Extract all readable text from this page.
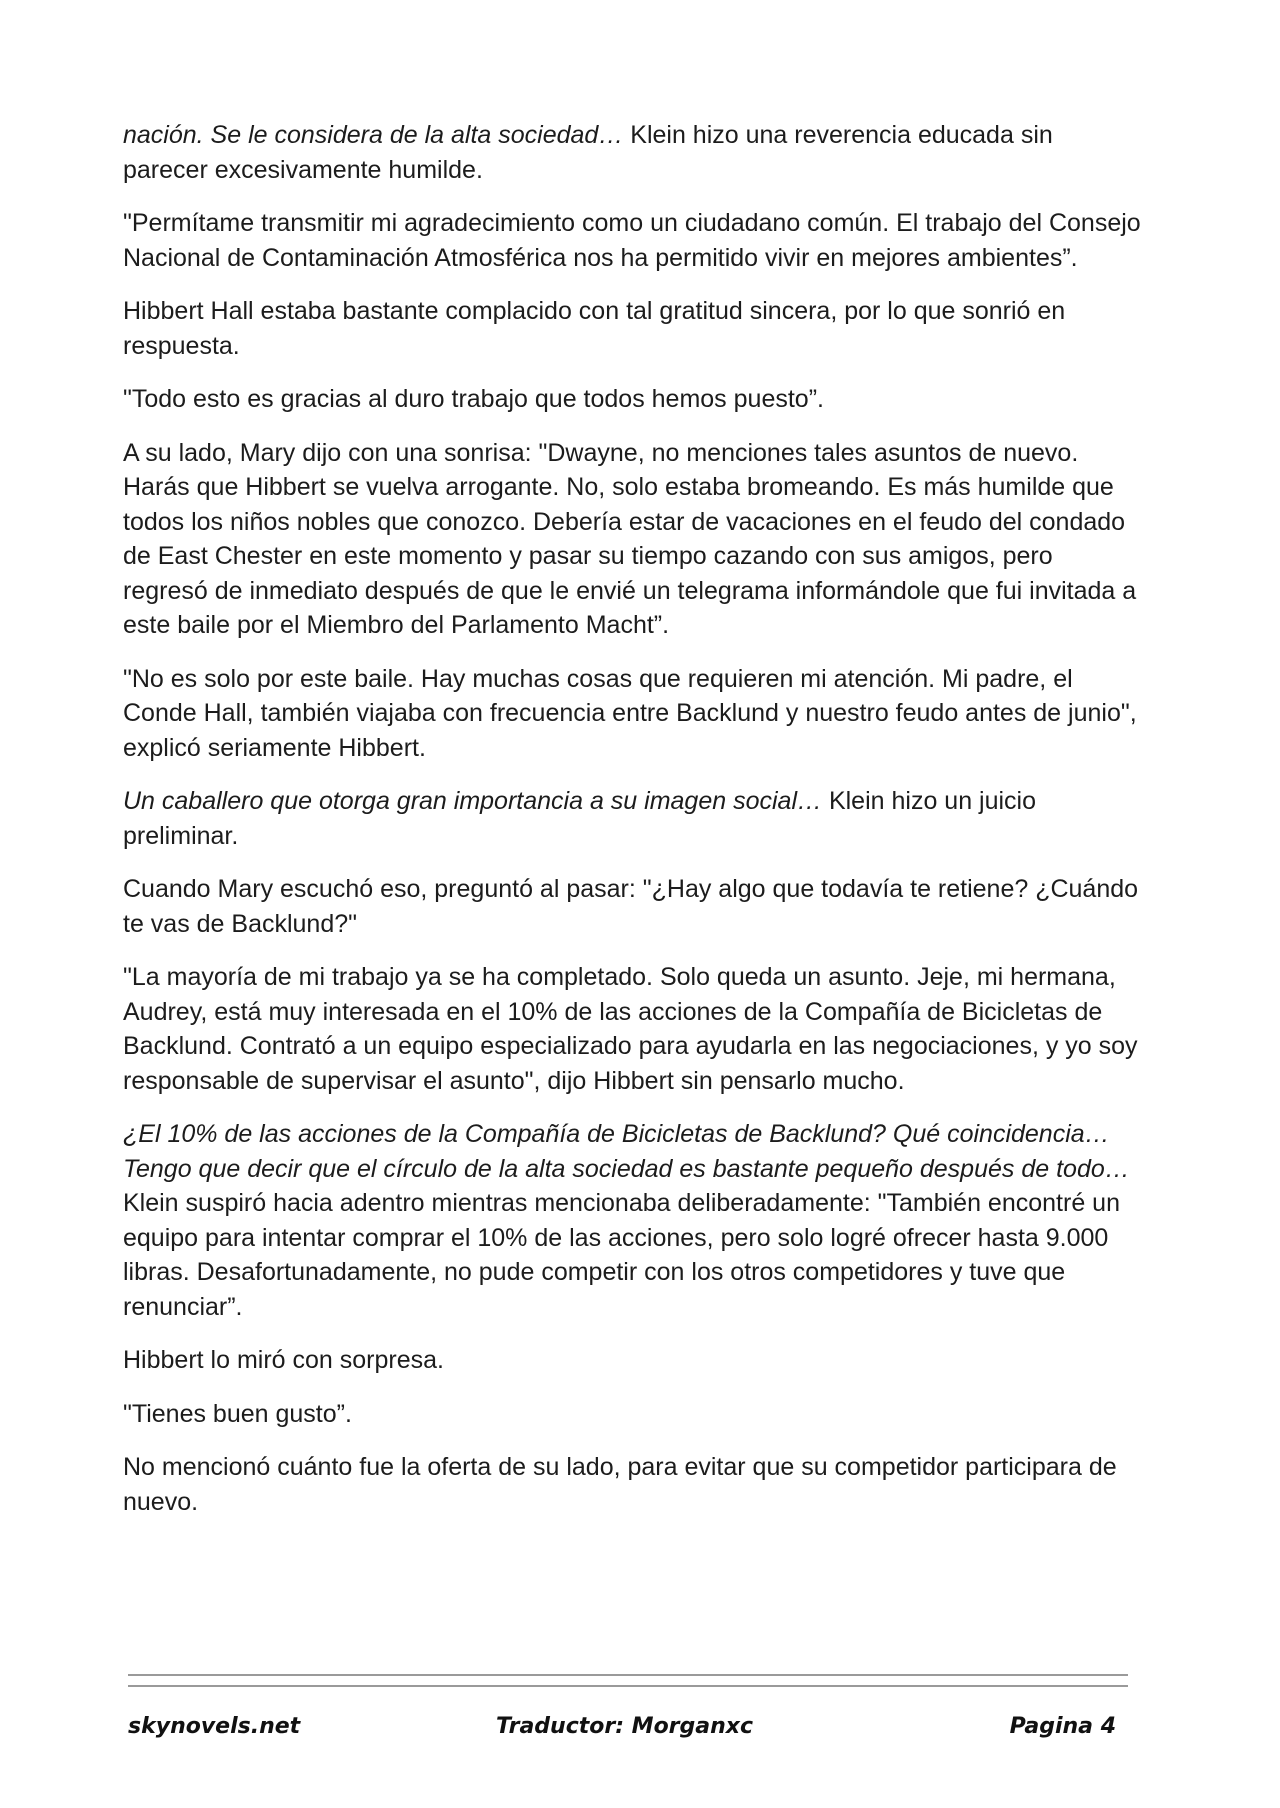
nación. Se le considera de la alta sociedad… Klein hizo una reverencia educada sin parecer excesivamente humilde.

"Permítame transmitir mi agradecimiento como un ciudadano común. El trabajo del Consejo Nacional de Contaminación Atmosférica nos ha permitido vivir en mejores ambientes”.

Hibbert Hall estaba bastante complacido con tal gratitud sincera, por lo que sonrió en respuesta.

"Todo esto es gracias al duro trabajo que todos hemos puesto”.

A su lado, Mary dijo con una sonrisa: "Dwayne, no menciones tales asuntos de nuevo. Harás que Hibbert se vuelva arrogante. No, solo estaba bromeando. Es más humilde que todos los niños nobles que conozco. Debería estar de vacaciones en el feudo del condado de East Chester en este momento y pasar su tiempo cazando con sus amigos, pero regresó de inmediato después de que le envié un telegrama informándole que fui invitada a este baile por el Miembro del Parlamento Macht”.

"No es solo por este baile. Hay muchas cosas que requieren mi atención. Mi padre, el Conde Hall, también viajaba con frecuencia entre Backlund y nuestro feudo antes de junio", explicó seriamente Hibbert.

Un caballero que otorga gran importancia a su imagen social… Klein hizo un juicio preliminar.

Cuando Mary escuchó eso, preguntó al pasar: "¿Hay algo que todavía te retiene? ¿Cuándo te vas de Backlund?"

"La mayoría de mi trabajo ya se ha completado. Solo queda un asunto. Jeje, mi hermana, Audrey, está muy interesada en el 10% de las acciones de la Compañía de Bicicletas de Backlund. Contrató a un equipo especializado para ayudarla en las negociaciones, y yo soy responsable de supervisar el asunto", dijo Hibbert sin pensarlo mucho.

¿El 10% de las acciones de la Compañía de Bicicletas de Backlund? Qué coincidencia… Tengo que decir que el círculo de la alta sociedad es bastante pequeño después de todo… Klein suspiró hacia adentro mientras mencionaba deliberadamente: "También encontré un equipo para intentar comprar el 10% de las acciones, pero solo logré ofrecer hasta 9.000 libras. Desafortunadamente, no pude competir con los otros competidores y tuve que renunciar”.

Hibbert lo miró con sorpresa.

"Tienes buen gusto”.

No mencionó cuánto fue la oferta de su lado, para evitar que su competidor participara de nuevo.

skynovels.net	Traductor: Morganxc	Pagina 4
